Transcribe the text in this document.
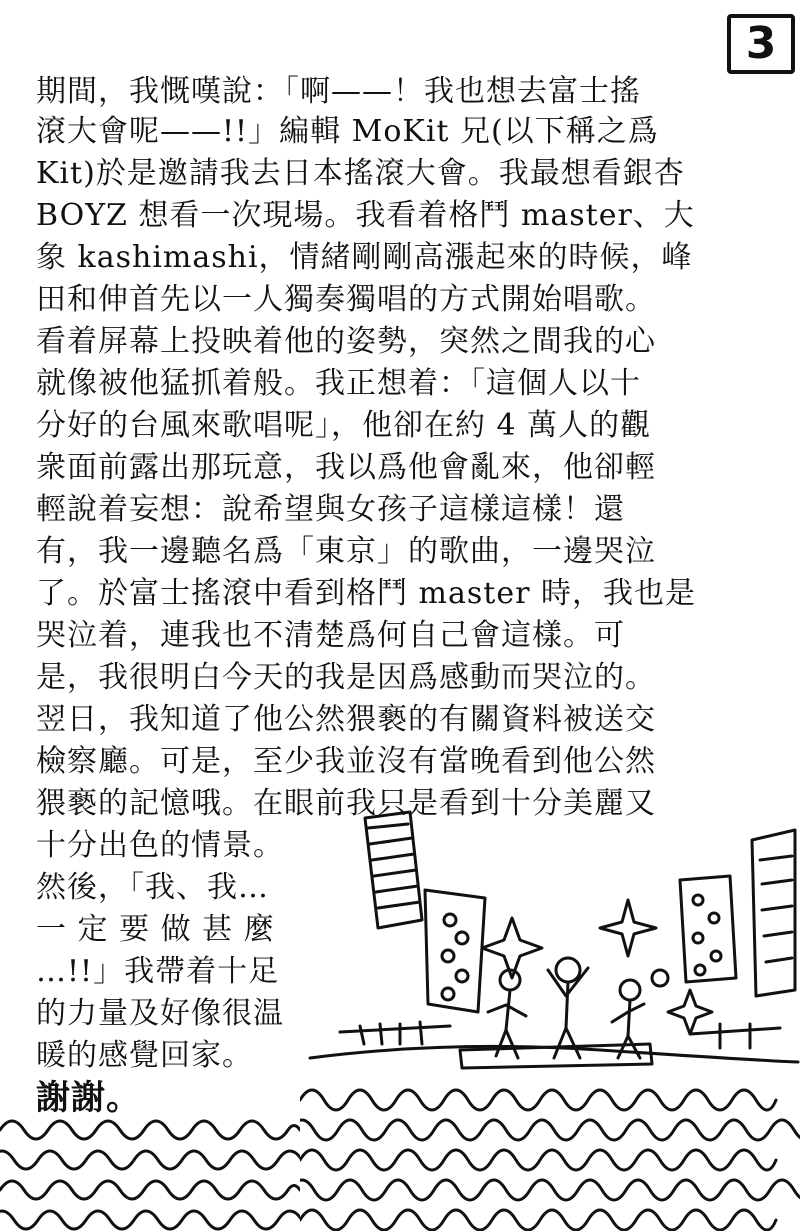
3
期間，我慨嘆說：「啊——！我也想去富士搖
滾大會呢——!!」編輯 MoKit 兄(以下稱之爲
Kit)於是邀請我去日本搖滾大會。我最想看銀杏
BOYZ 想看一次現場。我看着格鬥 master、大
象 kashimashi，情緒剛剛高漲起來的時候，峰
田和伸首先以一人獨奏獨唱的方式開始唱歌。
看着屏幕上投映着他的姿勢，突然之間我的心
就像被他猛抓着般。我正想着：「這個人以十
分好的台風來歌唱呢」，他卻在約 4 萬人的觀
衆面前露出那玩意，我以爲他會亂來，他卻輕
輕說着妄想：說希望與女孩子這樣這樣！還
有，我一邊聽名爲「東京」的歌曲，一邊哭泣
了。於富士搖滾中看到格鬥 master 時，我也是
哭泣着，連我也不清楚爲何自己會這樣。可
是，我很明白今天的我是因爲感動而哭泣的。
翌日，我知道了他公然猥褻的有關資料被送交
檢察廳。可是，至少我並沒有當晚看到他公然
猥褻的記憶哦。在眼前我只是看到十分美麗又
十分出色的情景。
然後，「我、我…
一 定 要 做 甚 麼
…!!」我帶着十足
的力量及好像很温
暖的感覺回家。
謝謝。
